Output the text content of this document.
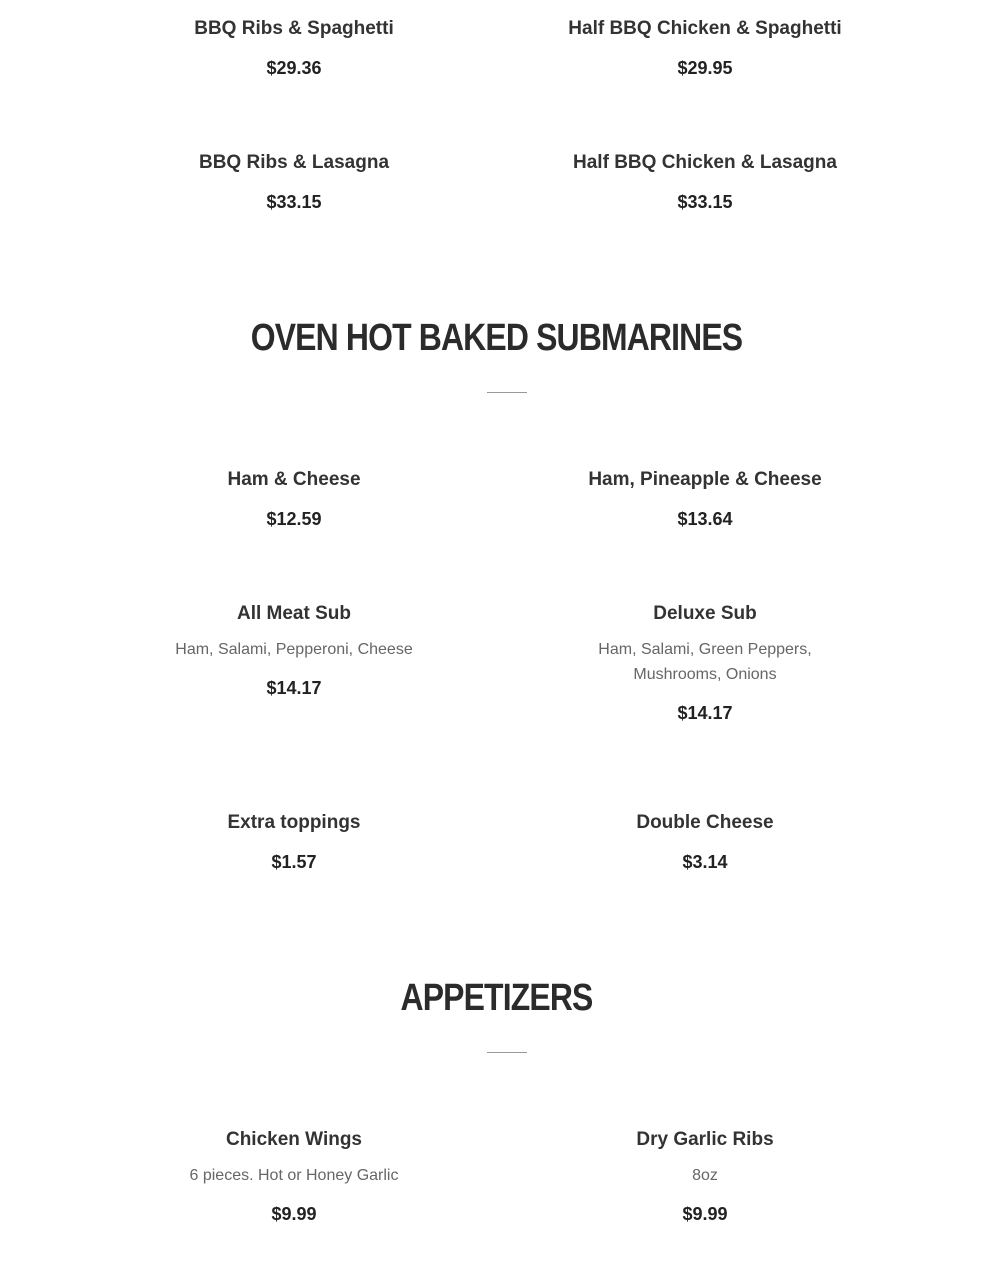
BBQ Ribs & Spaghetti
$29.36
Half BBQ Chicken & Spaghetti
$29.95
BBQ Ribs & Lasagna
$33.15
Half BBQ Chicken & Lasagna
$33.15
OVEN HOT BAKED SUBMARINES
Ham & Cheese
$12.59
Ham, Pineapple & Cheese
$13.64
All Meat Sub
Ham, Salami, Pepperoni, Cheese
$14.17
Deluxe Sub
Ham, Salami, Green Peppers, Mushrooms, Onions
$14.17
Extra toppings
$1.57
Double Cheese
$3.14
APPETIZERS
Chicken Wings
6 pieces. Hot or Honey Garlic
$9.99
Dry Garlic Ribs
8oz
$9.99
